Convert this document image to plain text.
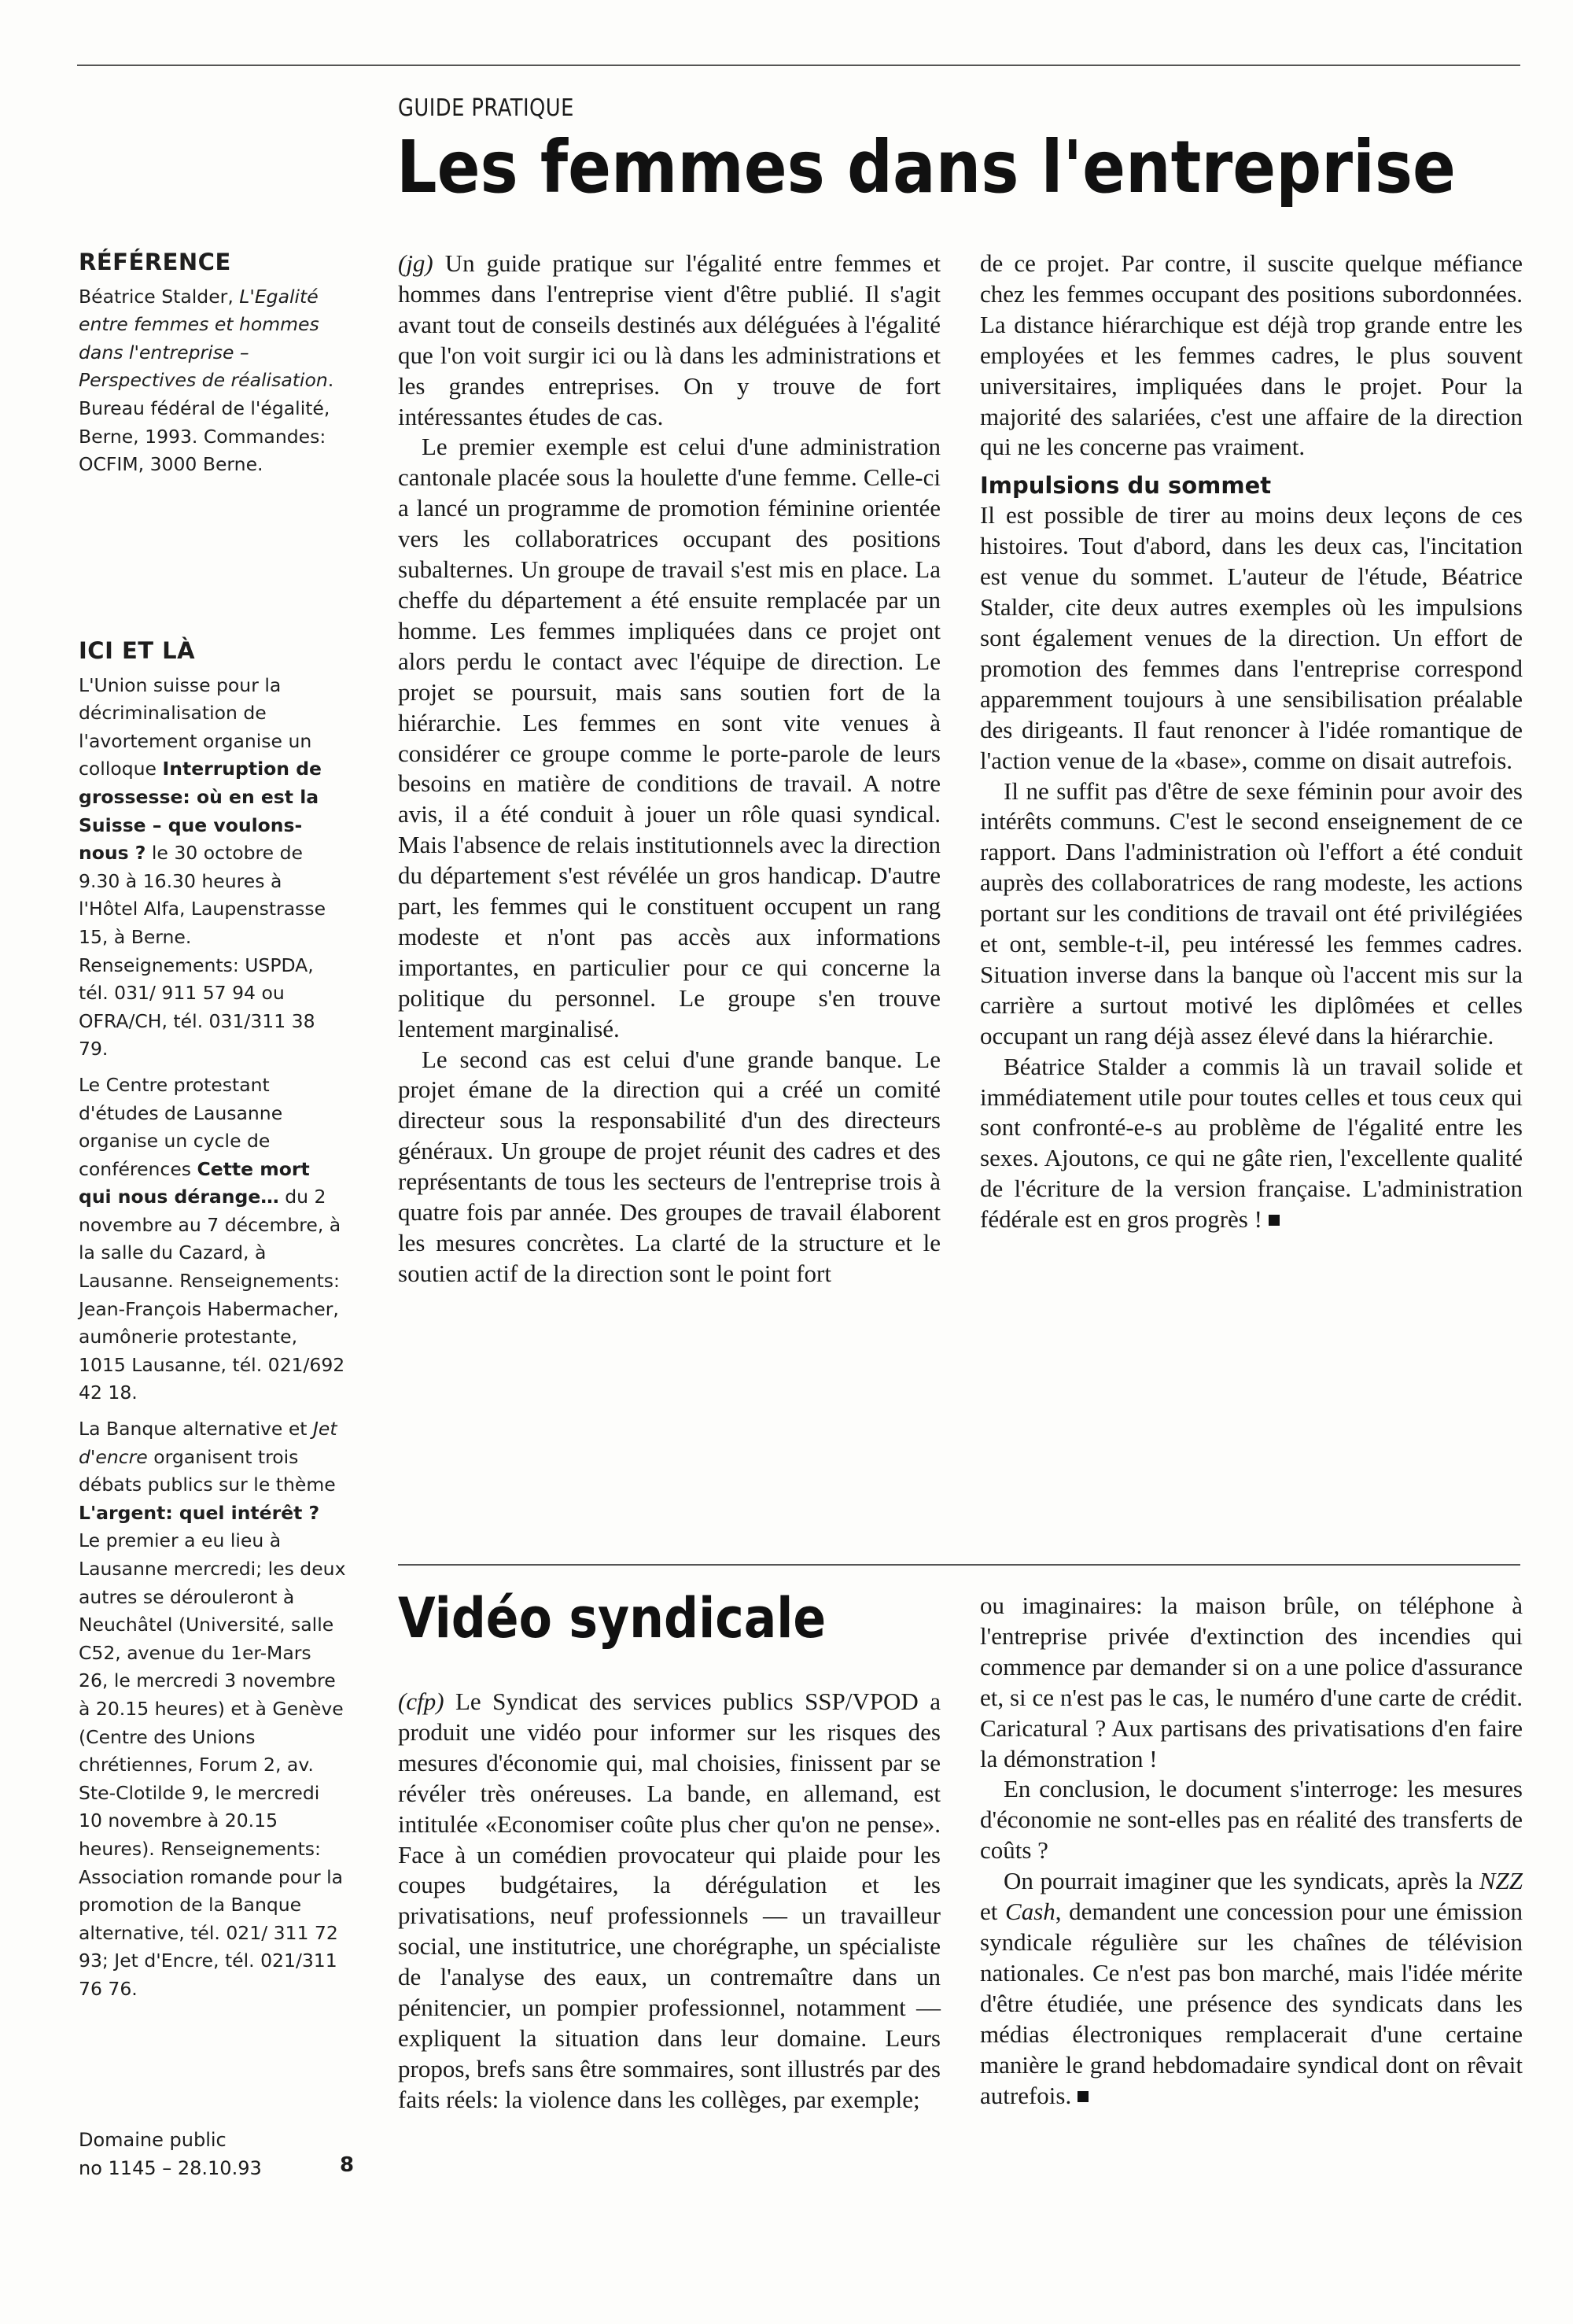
RÉFÉRENCE

Béatrice Stalder, L'Egalité entre femmes et hommes dans l'entreprise – Perspectives de réalisation. Bureau fédéral de l'égalité, Berne, 1993. Commandes: OCFIM, 3000 Berne.

ICI ET LÀ

L'Union suisse pour la décriminalisation de l'avortement organise un colloque Interruption de grossesse: où en est la Suisse – que voulons-nous ? le 30 octobre de 9.30 à 16.30 heures à l'Hôtel Alfa, Laupenstrasse 15, à Berne. Renseignements: USPDA, tél. 031/ 911 57 94 ou OFRA/CH, tél. 031/311 38 79.

Le Centre protestant d'études de Lausanne organise un cycle de conférences Cette mort qui nous dérange… du 2 novembre au 7 décembre, à la salle du Cazard, à Lausanne. Renseignements: Jean-François Habermacher, aumônerie protestante, 1015 Lausanne, tél. 021/692 42 18.

La Banque alternative et Jet d'encre organisent trois débats publics sur le thème L'argent: quel intérêt ? Le premier a eu lieu à Lausanne mercredi; les deux autres se dérouleront à Neuchâtel (Université, salle C52, avenue du 1er-Mars 26, le mercredi 3 novembre à 20.15 heures) et à Genève (Centre des Unions chrétiennes, Forum 2, av. Ste-Clotilde 9, le mercredi 10 novembre à 20.15 heures). Renseignements: Association romande pour la promotion de la Banque alternative, tél. 021/ 311 72 93; Jet d'Encre, tél. 021/311 76 76.

Domaine public
no 1145 – 28.10.93	8
GUIDE PRATIQUE
Les femmes dans l'entreprise

(jg) Un guide pratique sur l'égalité entre femmes et hommes dans l'entreprise vient d'être publié. Il s'agit avant tout de conseils destinés aux déléguées à l'égalité que l'on voit surgir ici ou là dans les administrations et les grandes entreprises. On y trouve de fort intéressantes études de cas.

Le premier exemple est celui d'une administration cantonale placée sous la houlette d'une femme. Celle-ci a lancé un programme de promotion féminine orientée vers les collaboratrices occupant des positions subalternes. Un groupe de travail s'est mis en place. La cheffe du département a été ensuite remplacée par un homme. Les femmes impliquées dans ce projet ont alors perdu le contact avec l'équipe de direction. Le projet se poursuit, mais sans soutien fort de la hiérarchie. Les femmes en sont vite venues à considérer ce groupe comme le porte-parole de leurs besoins en matière de conditions de travail. A notre avis, il a été conduit à jouer un rôle quasi syndical. Mais l'absence de relais institutionnels avec la direction du département s'est révélée un gros handicap. D'autre part, les femmes qui le constituent occupent un rang modeste et n'ont pas accès aux informations importantes, en particulier pour ce qui concerne la politique du personnel. Le groupe s'en trouve lentement marginalisé.

Le second cas est celui d'une grande banque. Le projet émane de la direction qui a créé un comité directeur sous la responsabilité d'un des directeurs généraux. Un groupe de projet réunit des cadres et des représentants de tous les secteurs de l'entreprise trois à quatre fois par année. Des groupes de travail élaborent les mesures concrètes. La clarté de la structure et le soutien actif de la direction sont le point fort

de ce projet. Par contre, il suscite quelque méfiance chez les femmes occupant des positions subordonnées. La distance hiérarchique est déjà trop grande entre les employées et les femmes cadres, le plus souvent universitaires, impliquées dans le projet. Pour la majorité des salariées, c'est une affaire de la direction qui ne les concerne pas vraiment.

Impulsions du sommet

Il est possible de tirer au moins deux leçons de ces histoires. Tout d'abord, dans les deux cas, l'incitation est venue du sommet. L'auteur de l'étude, Béatrice Stalder, cite deux autres exemples où les impulsions sont également venues de la direction. Un effort de promotion des femmes dans l'entreprise correspond apparemment toujours à une sensibilisation préalable des dirigeants. Il faut renoncer à l'idée romantique de l'action venue de la «base», comme on disait autrefois.

Il ne suffit pas d'être de sexe féminin pour avoir des intérêts communs. C'est le second enseignement de ce rapport. Dans l'administration où l'effort a été conduit auprès des collaboratrices de rang modeste, les actions portant sur les conditions de travail ont été privilégiées et ont, semble-t-il, peu intéressé les femmes cadres. Situation inverse dans la banque où l'accent mis sur la carrière a surtout motivé les diplômées et celles occupant un rang déjà assez élevé dans la hiérarchie.

Béatrice Stalder a commis là un travail solide et immédiatement utile pour toutes celles et tous ceux qui sont confronté-e-s au problème de l'égalité entre les sexes. Ajoutons, ce qui ne gâte rien, l'excellente qualité de l'écriture de la version française. L'administration fédérale est en gros progrès !

Vidéo syndicale

(cfp) Le Syndicat des services publics SSP/VPOD a produit une vidéo pour informer sur les risques des mesures d'économie qui, mal choisies, finissent par se révéler très onéreuses. La bande, en allemand, est intitulée «Economiser coûte plus cher qu'on ne pense». Face à un comédien provocateur qui plaide pour les coupes budgétaires, la dérégulation et les privatisations, neuf professionnels — un travailleur social, une institutrice, une chorégraphe, un spécialiste de l'analyse des eaux, un contremaître dans un pénitencier, un pompier professionnel, notamment — expliquent la situation dans leur domaine. Leurs propos, brefs sans être sommaires, sont illustrés par des faits réels: la violence dans les collèges, par exemple;

ou imaginaires: la maison brûle, on téléphone à l'entreprise privée d'extinction des incendies qui commence par demander si on a une police d'assurance et, si ce n'est pas le cas, le numéro d'une carte de crédit. Caricatural ? Aux partisans des privatisations d'en faire la démonstration !

En conclusion, le document s'interroge: les mesures d'économie ne sont-elles pas en réalité des transferts de coûts ?

On pourrait imaginer que les syndicats, après la NZZ et Cash, demandent une concession pour une émission syndicale régulière sur les chaînes de télévision nationales. Ce n'est pas bon marché, mais l'idée mérite d'être étudiée, une présence des syndicats dans les médias électroniques remplacerait d'une certaine manière le grand hebdomadaire syndical dont on rêvait autrefois.
